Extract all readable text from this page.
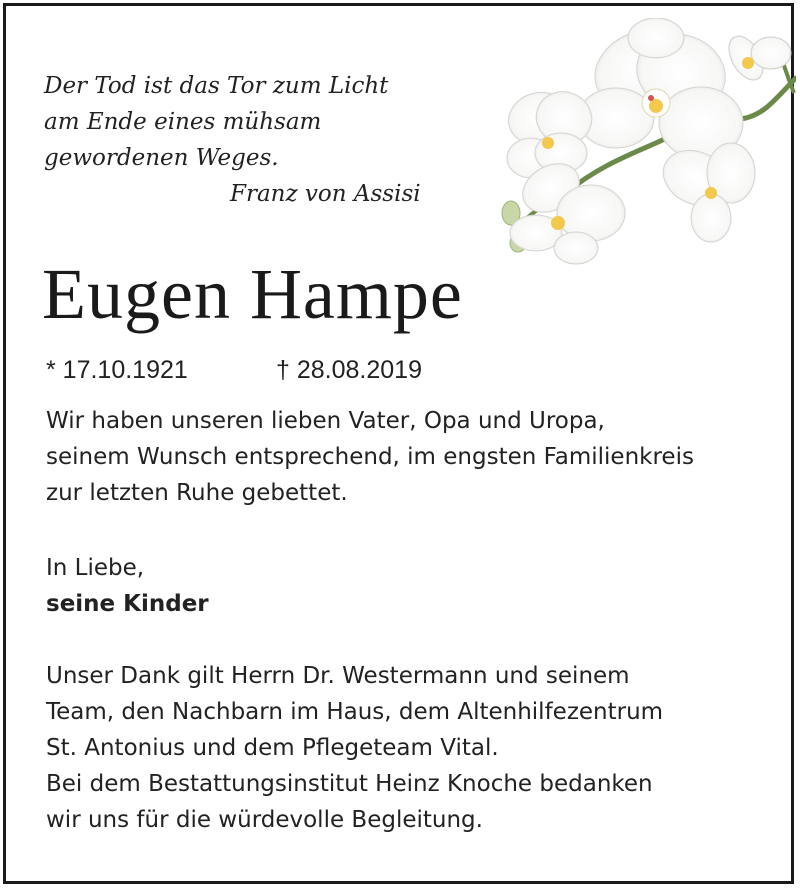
Der Tod ist das Tor zum Licht
am Ende eines mühsam
gewordenen Weges.
Franz von Assisi
Eugen Hampe
* 17.10.1921	† 28.08.2019
Wir haben unseren lieben Vater, Opa und Uropa,
seinem Wunsch entsprechend, im engsten Familienkreis
zur letzten Ruhe gebettet.
In Liebe,
seine Kinder
Unser Dank gilt Herrn Dr. Westermann und seinem
Team, den Nachbarn im Haus, dem Altenhilfezentrum
St. Antonius und dem Pflegeteam Vital.
Bei dem Bestattungsinstitut Heinz Knoche bedanken
wir uns für die würdevolle Begleitung.
